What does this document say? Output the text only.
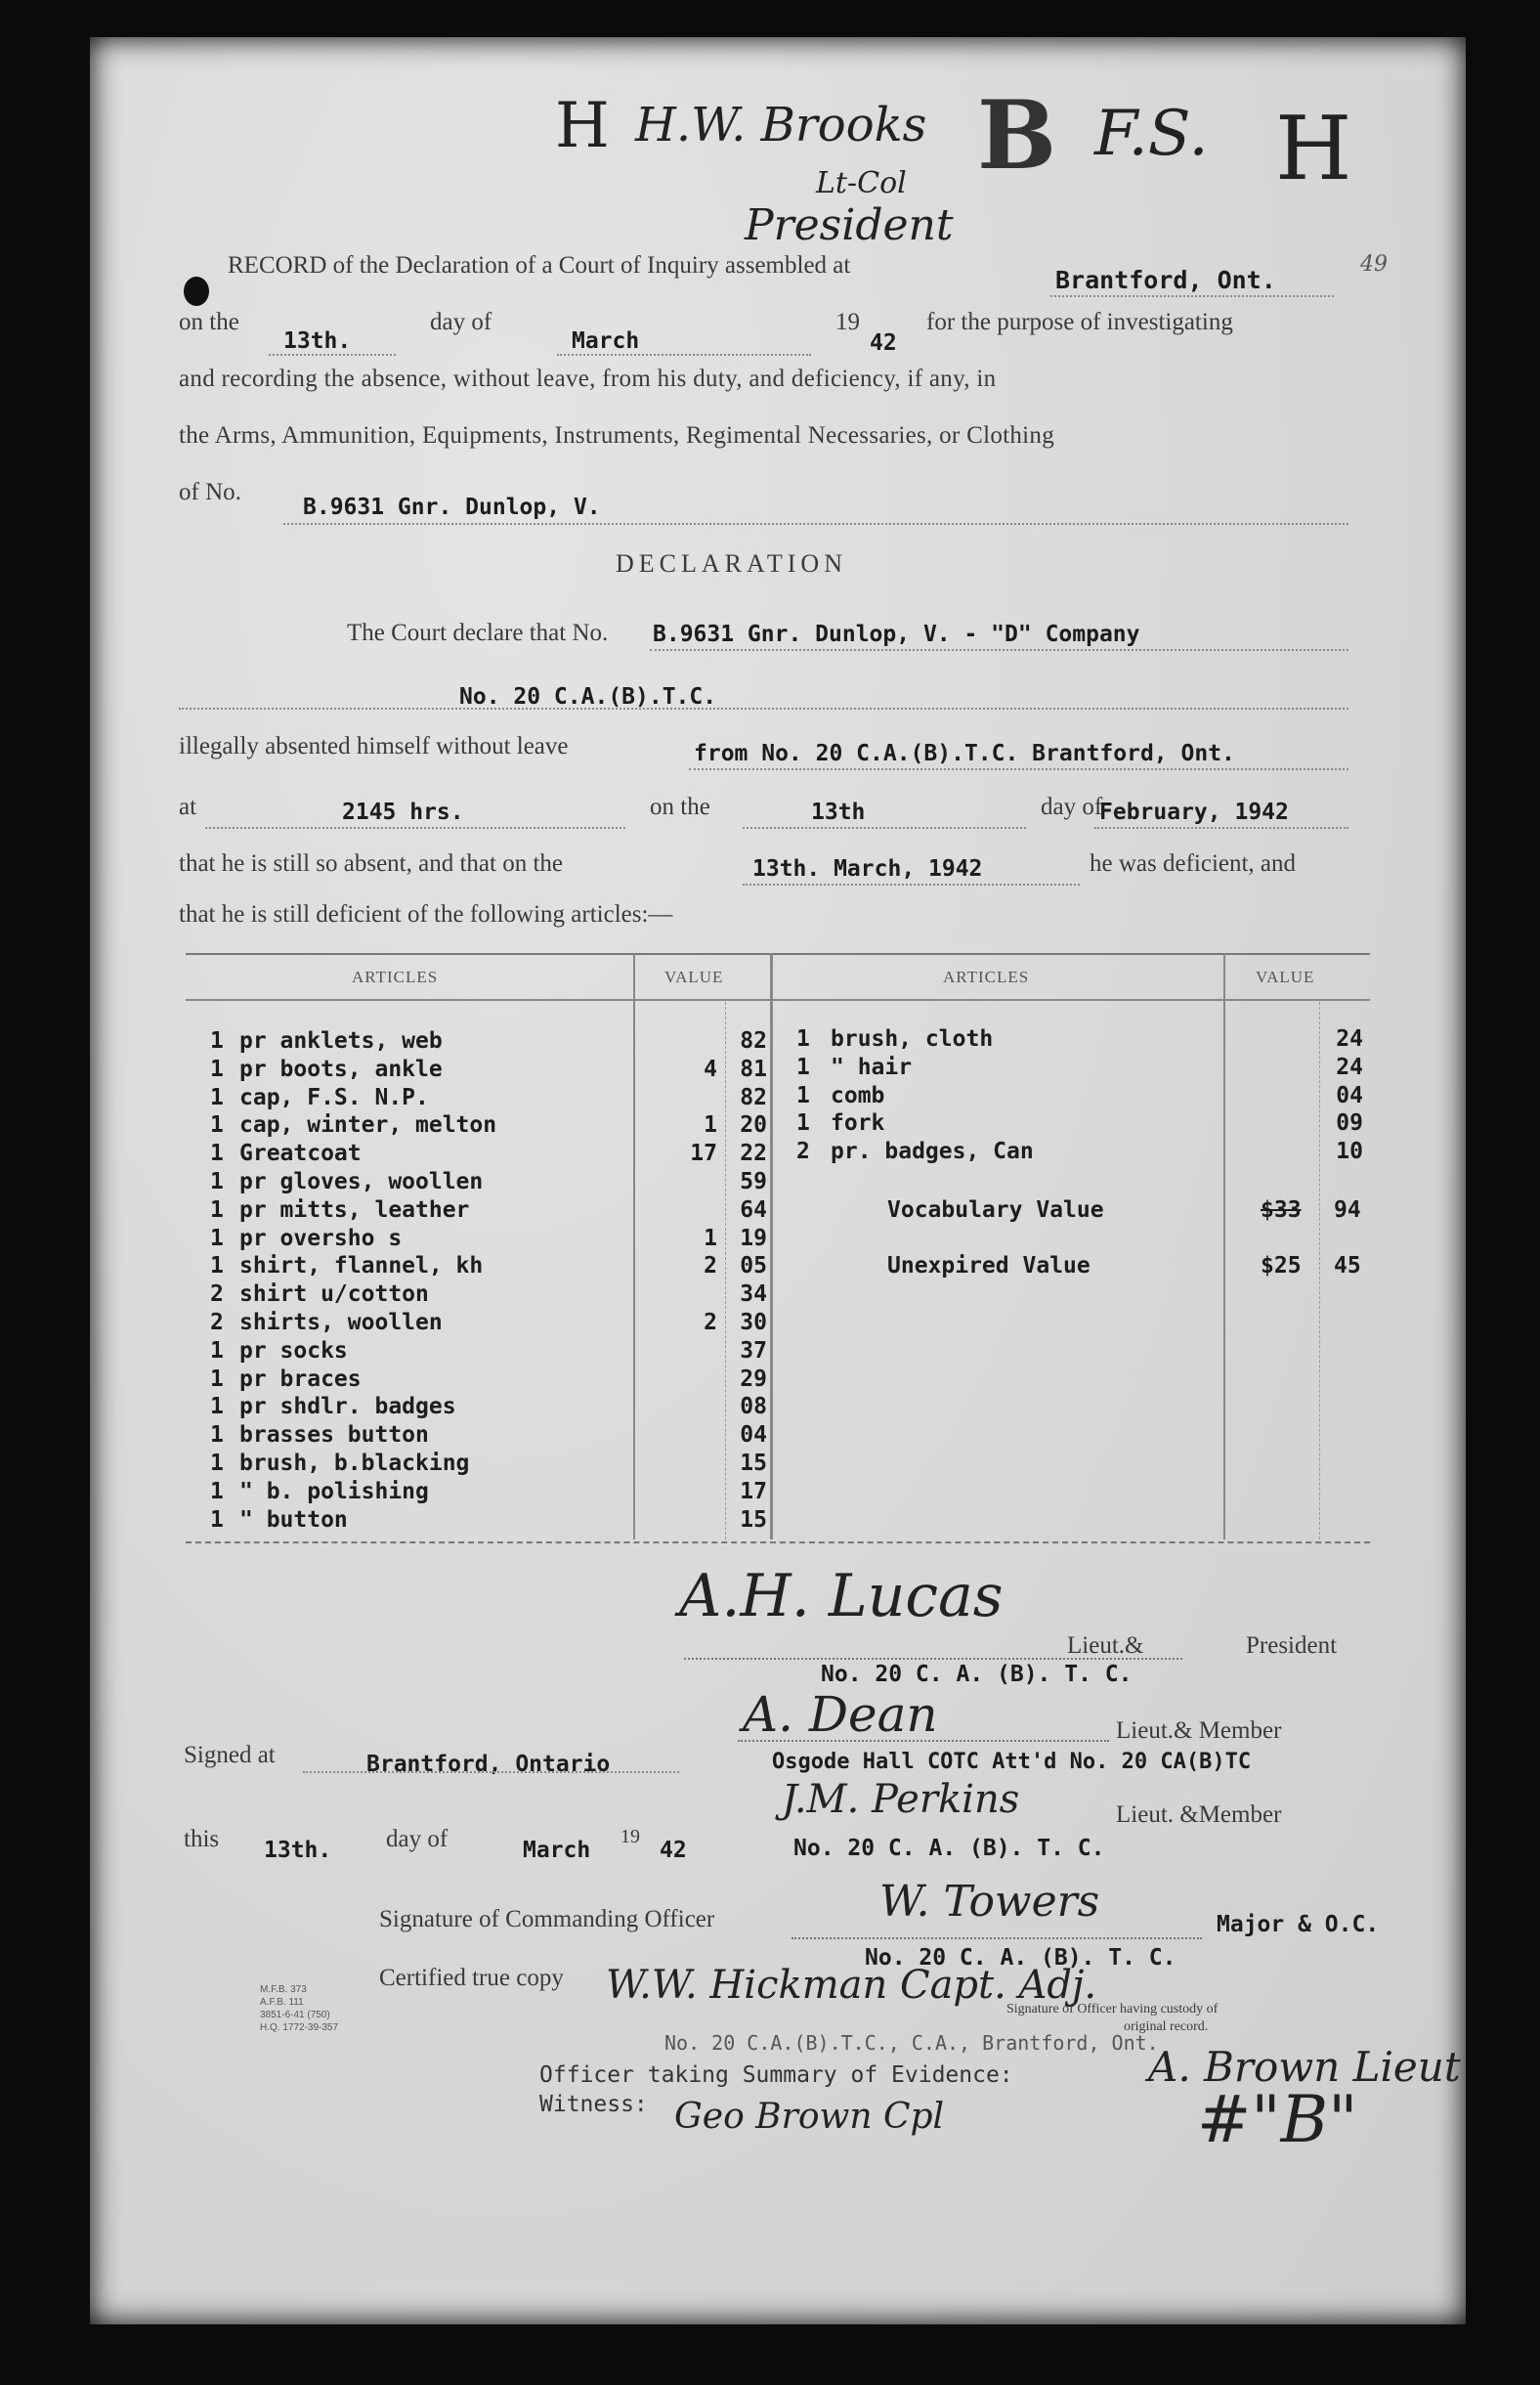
H H.W. Brooks
Lt-Col
President
B F.S. H
49
RECORD of the Declaration of a Court of Inquiry assembled at
Brantford, Ont.
on the
13th.
day of
March
19
42
for the purpose of investigating
and recording the absence, without leave, from his duty, and deficiency, if any, in
the Arms, Ammunition, Equipments, Instruments, Regimental Necessaries, or Clothing
of No.
B.9631 Gnr. Dunlop, V.
DECLARATION
The Court declare that No. B.9631 Gnr. Dunlop, V. - "D" Company
No. 20 C.A.(B).T.C.
illegally absented himself without leave	from No. 20 C.A.(B).T.C. Brantford, Ont.
at	2145 hrs.	on the	13th	day of
February, 1942
that he is still so absent, and that on the	13th. March, 1942	he was deficient, and
that he is still deficient of the following articles:—
ARTICLES	VALUE	ARTICLES	VALUE
1 pr anklets, web	82
1 pr boots, ankle	4	81
1 cap, F.S. N.P.	82
1 cap, winter, melton	1	20
1 Greatcoat	17	22
1 pr gloves, woollen	59
1 pr mitts, leather	64
1 pr oversho s	1	19
1 shirt, flannel, kh	2	05
2 shirt u/cotton	34
2 shirts, woollen	2	30
1 pr socks	37
1 pr braces	29
1 pr shdlr. badges	08
1 brasses button	04
1 brush, b.blacking	15
1 " b. polishing	17
1 " button	15
1 brush, cloth	24
1 " hair	24
1 comb	04
1 fork	09
2 pr. badges, Can	10
Vocabulary Value	$33 94
Unexpired Value	$25 45
A.H. Lucas
Lieut.&	President
No. 20 C. A. (B). T. C.
A. Dean	Lieut.& Member
Osgode Hall COTC Att'd No. 20 CA(B)TC
Signed at	Brantford, Ontario
J.M. Perkins	Lieut. &Member
No. 20 C. A. (B). T. C.
this 13th. day of	March
19
42
Signature of Commanding Officer	W. Towers	Major & O.C.
No. 20 C. A. (B). T. C.
Certified true copy W.W. Hickman Capt. Adj.
Signature of Officer having custody of
original record.
No. 20 C.A.(B).T.C., C.A., Brantford, Ont.
M.F.B. 373
A.F.B. 111
3851-6-41 (750)
H.Q. 1772-39-357
Officer taking Summary of Evidence:	A. Brown Lieut
Witness: Geo Brown Cpl	#"B"
